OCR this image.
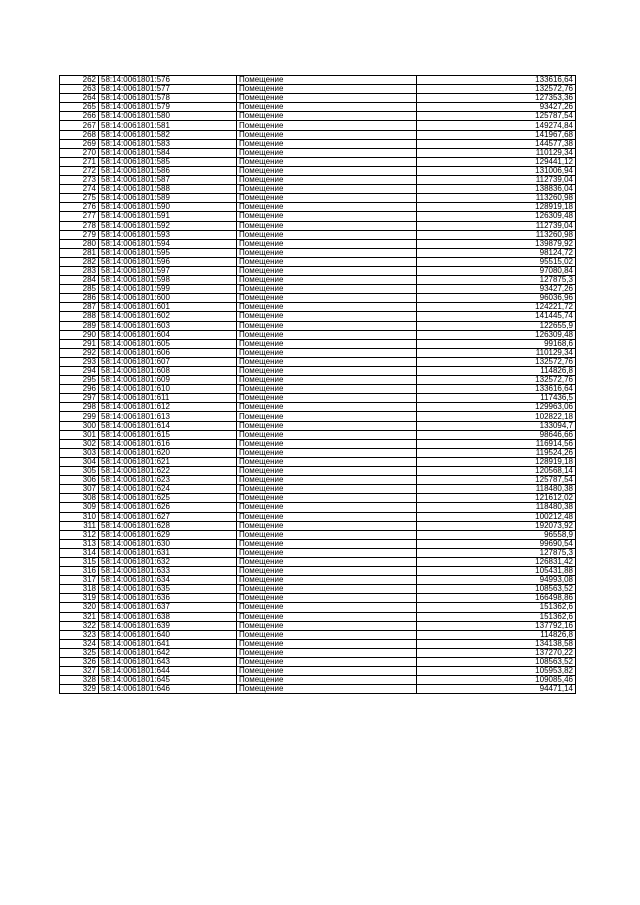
262	58:14:0061801:576	Помещение	133616,64
263	58:14:0061801:577	Помещение	132572,76
264	58:14:0061801:578	Помещение	127353,36
265	58:14:0061801:579	Помещение	93427,26
266	58:14:0061801:580	Помещение	125787,54
267	58:14:0061801:581	Помещение	149274,84
268	58:14:0061801:582	Помещение	141967,68
269	58:14:0061801:583	Помещение	144577,38
270	58:14:0061801:584	Помещение	110129,34
271	58:14:0061801:585	Помещение	129441,12
272	58:14:0061801:586	Помещение	131006,94
273	58:14:0061801:587	Помещение	112739,04
274	58:14:0061801:588	Помещение	138836,04
275	58:14:0061801:589	Помещение	113260,98
276	58:14:0061801:590	Помещение	128919,18
277	58:14:0061801:591	Помещение	126309,48
278	58:14:0061801:592	Помещение	112739,04
279	58:14:0061801:593	Помещение	113260,98
280	58:14:0061801:594	Помещение	139879,92
281	58:14:0061801:595	Помещение	98124,72
282	58:14:0061801:596	Помещение	95515,02
283	58:14:0061801:597	Помещение	97080,84
284	58:14:0061801:598	Помещение	127875,3
285	58:14:0061801:599	Помещение	93427,26
286	58:14:0061801:600	Помещение	96036,96
287	58:14:0061801:601	Помещение	124221,72
288	58:14:0061801:602	Помещение	141445,74
289	58:14:0061801:603	Помещение	122655,9
290	58:14:0061801:604	Помещение	126309,48
291	58:14:0061801:605	Помещение	99168,6
292	58:14:0061801:606	Помещение	110129,34
293	58:14:0061801:607	Помещение	132572,76
294	58:14:0061801:608	Помещение	114826,8
295	58:14:0061801:609	Помещение	132572,76
296	58:14:0061801:610	Помещение	133616,64
297	58:14:0061801:611	Помещение	117436,5
298	58:14:0061801:612	Помещение	129963,06
299	58:14:0061801:613	Помещение	102822,18
300	58:14:0061801:614	Помещение	133094,7
301	58:14:0061801:615	Помещение	98646,66
302	58:14:0061801:616	Помещение	116914,56
303	58:14:0061801:620	Помещение	119524,26
304	58:14:0061801:621	Помещение	128919,18
305	58:14:0061801:622	Помещение	120568,14
306	58:14:0061801:623	Помещение	125787,54
307	58:14:0061801:624	Помещение	118480,38
308	58:14:0061801:625	Помещение	121612,02
309	58:14:0061801:626	Помещение	118480,38
310	58:14:0061801:627	Помещение	100212,48
311	58:14:0061801:628	Помещение	192073,92
312	58:14:0061801:629	Помещение	96558,9
313	58:14:0061801:630	Помещение	99690,54
314	58:14:0061801:631	Помещение	127875,3
315	58:14:0061801:632	Помещение	126831,42
316	58:14:0061801:633	Помещение	105431,88
317	58:14:0061801:634	Помещение	94993,08
318	58:14:0061801:635	Помещение	108563,52
319	58:14:0061801:636	Помещение	166498,86
320	58:14:0061801:637	Помещение	151362,6
321	58:14:0061801:638	Помещение	151362,6
322	58:14:0061801:639	Помещение	137792,16
323	58:14:0061801:640	Помещение	114826,8
324	58:14:0061801:641	Помещение	134138,58
325	58:14:0061801:642	Помещение	137270,22
326	58:14:0061801:643	Помещение	108563,52
327	58:14:0061801:644	Помещение	105953,82
328	58:14:0061801:645	Помещение	109085,46
329	58:14:0061801:646	Помещение	94471,14
